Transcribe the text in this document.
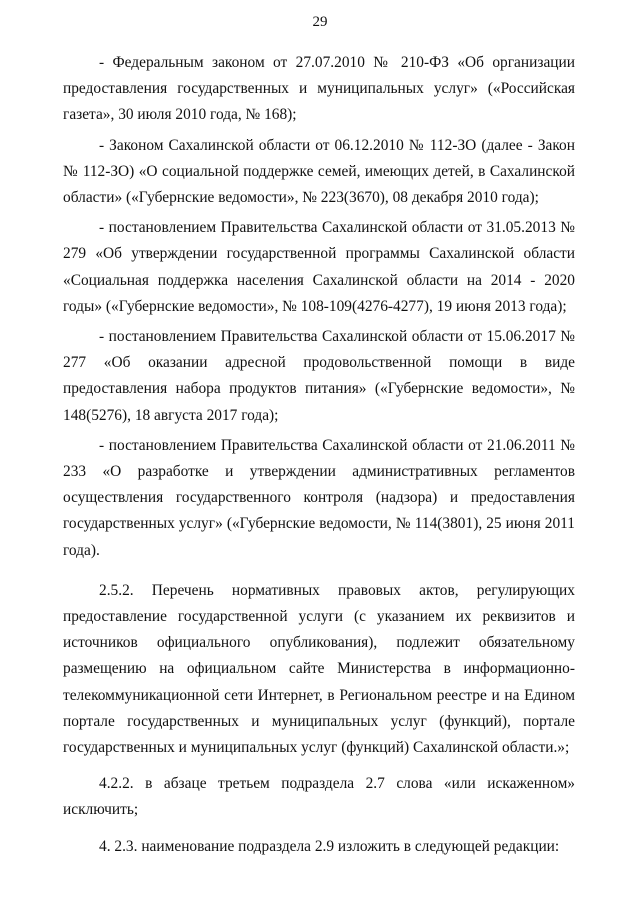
29

- Федеральным законом от 27.07.2010 № 210-ФЗ «Об организации предоставления государственных и муниципальных услуг» («Российская газета», 30 июля 2010 года, № 168);

- Законом Сахалинской области от 06.12.2010 № 112-ЗО (далее - Закон № 112-ЗО) «О социальной поддержке семей, имеющих детей, в Сахалинской области» («Губернские ведомости», № 223(3670), 08 декабря 2010 года);

- постановлением Правительства Сахалинской области от 31.05.2013 № 279 «Об утверждении государственной программы Сахалинской области «Социальная поддержка населения Сахалинской области на 2014 - 2020 годы» («Губернские ведомости», № 108-109(4276-4277), 19 июня 2013 года);

- постановлением Правительства Сахалинской области от 15.06.2017 № 277 «Об оказании адресной продовольственной помощи в виде предоставления набора продуктов питания» («Губернские ведомости», № 148(5276), 18 августа 2017 года);

- постановлением Правительства Сахалинской области от 21.06.2011 № 233 «О разработке и утверждении административных регламентов осуществления государственного контроля (надзора) и предоставления государственных услуг» («Губернские ведомости, № 114(3801), 25 июня 2011 года).

2.5.2. Перечень нормативных правовых актов, регулирующих предоставление государственной услуги (с указанием их реквизитов и источников официального опубликования), подлежит обязательному размещению на официальном сайте Министерства в информационно-телекоммуникационной сети Интернет, в Региональном реестре и на Едином портале государственных и муниципальных услуг (функций), портале государственных и муниципальных услуг (функций) Сахалинской области.»;

4.2.2. в абзаце третьем подраздела 2.7 слова «или искаженном» исключить;

4. 2.3. наименование подраздела 2.9 изложить в следующей редакции:
